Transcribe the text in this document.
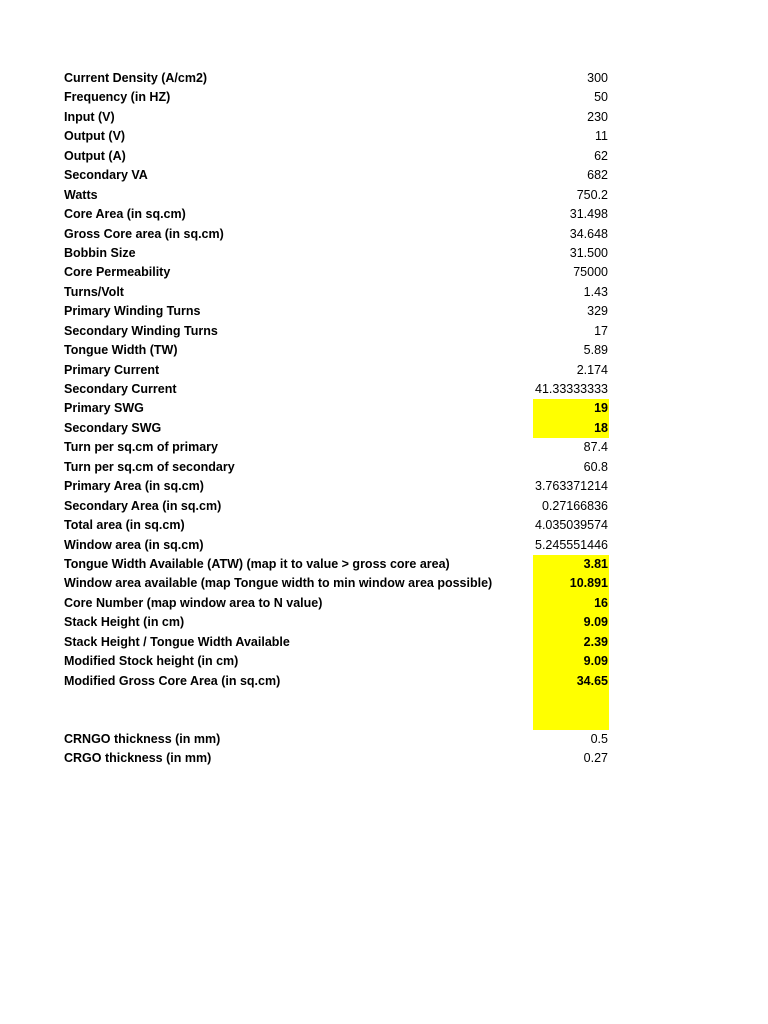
Current Density (A/cm2)	300
Frequency (in HZ)	50
Input (V)	230
Output (V)	11
Output (A)	62
Secondary VA	682
Watts	750.2
Core Area (in sq.cm)	31.498
Gross Core area (in sq.cm)	34.648
Bobbin Size	31.500
Core Permeability	75000
Turns/Volt	1.43
Primary Winding Turns	329
Secondary Winding Turns	17
Tongue Width (TW)	5.89
Primary Current	2.174
Secondary Current	41.33333333
Primary SWG	19
Secondary SWG	18
Turn per sq.cm of primary	87.4
Turn per sq.cm of secondary	60.8
Primary Area (in sq.cm)	3.763371214
Secondary Area (in sq.cm)	0.27166836
Total area (in sq.cm)	4.035039574
Window area (in sq.cm)	5.245551446
Tongue Width Available (ATW) (map it to value > gross core area)	3.81
Window area available (map Tongue width to min window area possible)	10.891
Core Number (map window area to N value)	16
Stack Height (in cm)	9.09
Stack Height / Tongue Width Available	2.39
Modified Stock height (in cm)	9.09
Modified Gross Core Area (in sq.cm)	34.65
CRNGO thickness (in mm)	0.5
CRGO thickness (in mm)	0.27
